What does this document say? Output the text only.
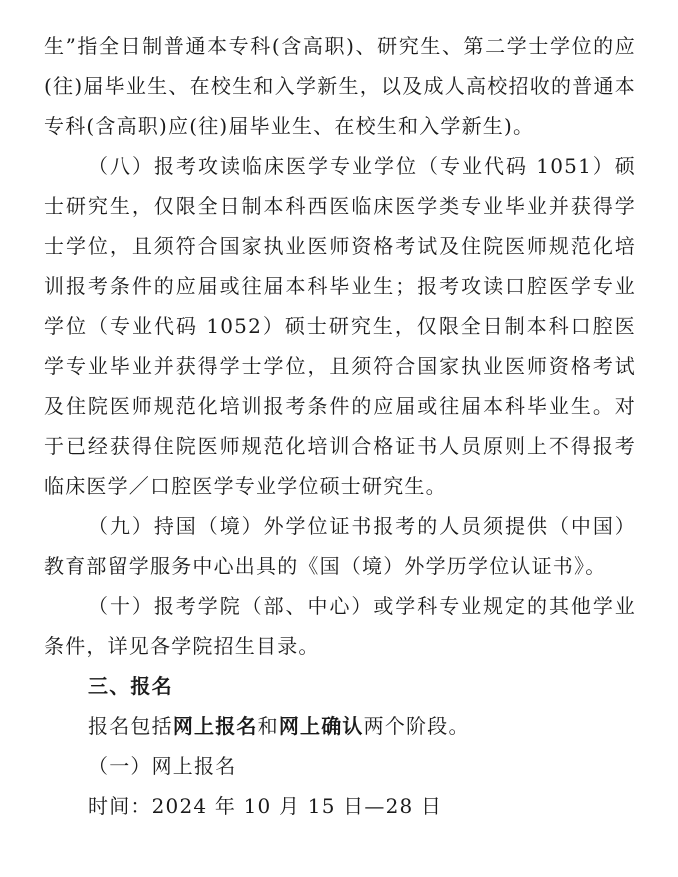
生”指全日制普通本专科(含高职)、研究生、第二学士学位的应(往)届毕业生、在校生和入学新生，以及成人高校招收的普通本专科(含高职)应(往)届毕业生、在校生和入学新生)。

（八）报考攻读临床医学专业学位（专业代码 1051）硕士研究生，仅限全日制本科西医临床医学类专业毕业并获得学士学位，且须符合国家执业医师资格考试及住院医师规范化培训报考条件的应届或往届本科毕业生；报考攻读口腔医学专业学位（专业代码 1052）硕士研究生，仅限全日制本科口腔医学专业毕业并获得学士学位，且须符合国家执业医师资格考试及住院医师规范化培训报考条件的应届或往届本科毕业生。对于已经获得住院医师规范化培训合格证书人员原则上不得报考临床医学／口腔医学专业学位硕士研究生。

（九）持国（境）外学位证书报考的人员须提供（中国）教育部留学服务中心出具的《国（境）外学历学位认证书》。

（十）报考学院（部、中心）或学科专业规定的其他学业条件，详见各学院招生目录。

三、报名

报名包括网上报名和网上确认两个阶段。

（一）网上报名

时间：2024 年 10 月 15 日—28 日
